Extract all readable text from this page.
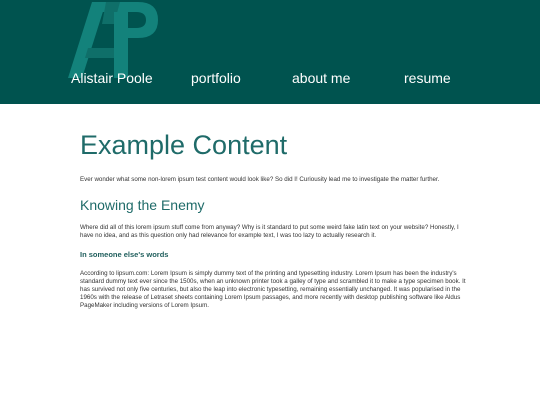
Alistair Poole	portfolio	about me	resume
Example Content

Ever wonder what some non-lorem ipsum test content would look like? So did I! Curiousity lead me to investigate the matter further.

Knowing the Enemy

Where did all of this lorem ipsum stuff come from anyway? Why is it standard to put some weird fake latin text on your website? Honestly, I have no idea, and as this question only had relevance for example text, I was too lazy to actually research it.

In someone else's words

According to lipsum.com: Lorem Ipsum is simply dummy text of the printing and typesetting industry. Lorem Ipsum has been the industry's standard dummy text ever since the 1500s, when an unknown printer took a galley of type and scrambled it to make a type specimen book. It has survived not only five centuries, but also the leap into electronic typesetting, remaining essentially unchanged. It was popularised in the 1960s with the release of Letraset sheets containing Lorem Ipsum passages, and more recently with desktop publishing software like Aldus PageMaker including versions of Lorem Ipsum.
